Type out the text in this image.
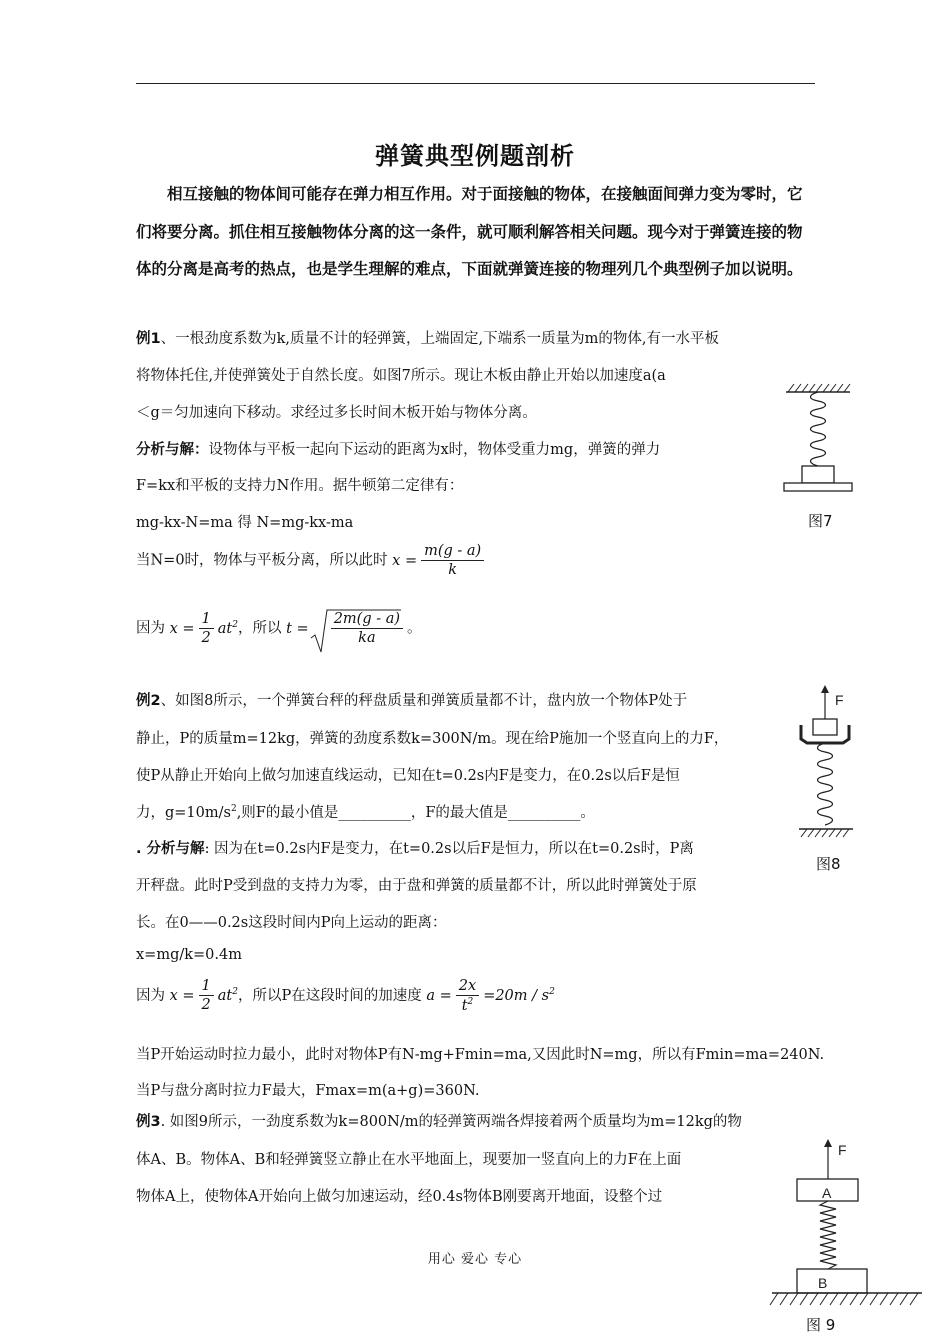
弹簧典型例题剖析

相互接触的物体间可能存在弹力相互作用。对于面接触的物体，在接触面间弹力变为零时，它们将要分离。抓住相互接触物体分离的这一条件，就可顺利解答相关问题。现今对于弹簧连接的物体的分离是高考的热点，也是学生理解的难点，下面就弹簧连接的物理列几个典型例子加以说明。

例1、一根劲度系数为k,质量不计的轻弹簧，上端固定,下端系一质量为m的物体,有一水平板
将物体托住,并使弹簧处于自然长度。如图7所示。现让木板由静止开始以加速度a(a
＜g＝匀加速向下移动。求经过多长时间木板开始与物体分离。
分析与解：设物体与平板一起向下运动的距离为x时，物体受重力mg，弹簧的弹力
F=kx和平板的支持力N作用。据牛顿第二定律有：
mg-kx-N=ma 得 N=mg-kx-ma
当N=0时，物体与平板分离，所以此时 $x = \frac{m(g - a)}{k}$
因为 $x = \frac{1}{2} at^2$，所以 $t = \frac{2m(g - a)}{ka}$ 。
图7
例2、如图8所示，一个弹簧台秤的秤盘质量和弹簧质量都不计，盘内放一个物体P处于
静止，P的质量m=12kg，弹簧的劲度系数k=300N/m。现在给P施加一个竖直向上的力F，
使P从静止开始向上做匀加速直线运动，已知在t=0.2s内F是变力，在0.2s以后F是恒
力，$g=10m/s^2$,则F的最小值是__________，F的最大值是__________。
. 分析与解: 因为在t=0.2s内F是变力，在t=0.2s以后F是恒力，所以在t=0.2s时，P离
开秤盘。此时P受到盘的支持力为零，由于盘和弹簧的质量都不计，所以此时弹簧处于原
长。在0——0.2s这段时间内P向上运动的距离：
x=mg/k=0.4m
因为 $x = \frac{1}{2} at^2$，所以P在这段时间的加速度 $a = \frac{2x}{t^2} =20m / s^2$
当P开始运动时拉力最小，此时对物体P有N-mg+Fmin=ma,又因此时N=mg，所以有Fmin=ma=240N.
当P与盘分离时拉力F最大，Fmax=m(a+g)=360N.
F
图8
例3. 如图9所示，一劲度系数为k=800N/m的轻弹簧两端各焊接着两个质量均为m=12kg的物
体A、B。物体A、B和轻弹簧竖立静止在水平地面上，现要加一竖直向上的力F在上面
物体A上，使物体A开始向上做匀加速运动，经0.4s物体B刚要离开地面，设整个过
F
A
B
图 9
用心 爱心 专心
